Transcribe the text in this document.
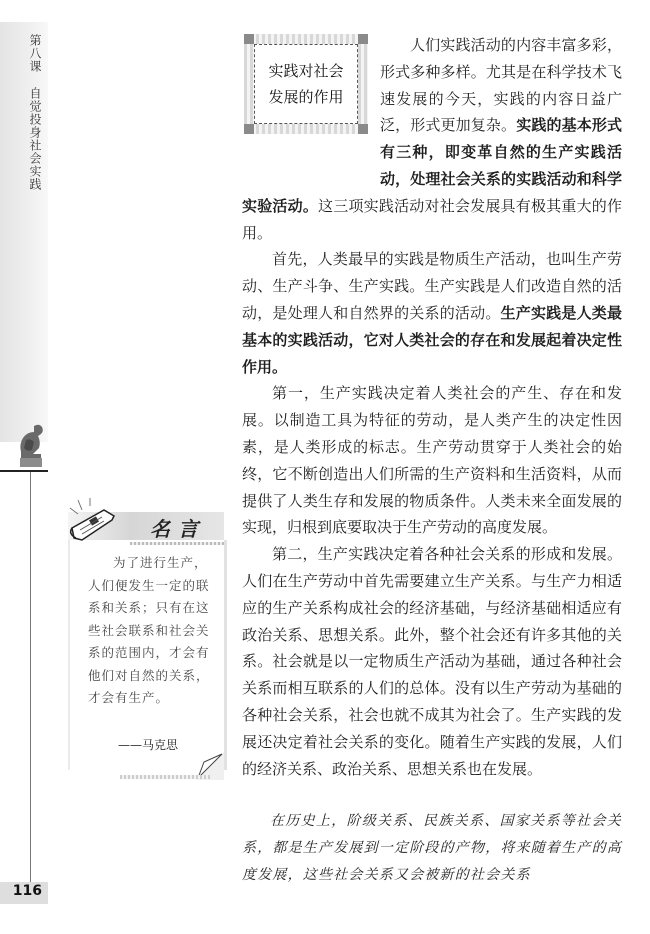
第八课自觉投身社会实践
116
实践对社会
发展的作用

人们实践活动的内容丰富多彩，形式多种多样。尤其是在科学技术飞速发展的今天，实践的内容日益广泛，形式更加复杂。实践的基本形式有三种，即变革自然的生产实践活动，处理社会关系的实践活动和科学实验活动。这三项实践活动对社会发展具有极其重大的作用。

首先，人类最早的实践是物质生产活动，也叫生产劳动、生产斗争、生产实践。生产实践是人们改造自然的活动，是处理人和自然界的关系的活动。生产实践是人类最基本的实践活动，它对人类社会的存在和发展起着决定性作用。

第一，生产实践决定着人类社会的产生、存在和发展。以制造工具为特征的劳动，是人类产生的决定性因素，是人类形成的标志。生产劳动贯穿于人类社会的始终，它不断创造出人们所需的生产资料和生活资料，从而提供了人类生存和发展的物质条件。人类未来全面发展的实现，归根到底要取决于生产劳动的高度发展。

第二，生产实践决定着各种社会关系的形成和发展。人们在生产劳动中首先需要建立生产关系。与生产力相适应的生产关系构成社会的经济基础，与经济基础相适应有政治关系、思想关系。此外，整个社会还有许多其他的关系。社会就是以一定物质生产活动为基础，通过各种社会关系而相互联系的人们的总体。没有以生产劳动为基础的各种社会关系，社会也就不成其为社会了。生产实践的发展还决定着社会关系的变化。随着生产实践的发展，人们的经济关系、政治关系、思想关系也在发展。

在历史上，阶级关系、民族关系、国家关系等社会关系，都是生产发展到一定阶段的产物，将来随着生产的高度发展，这些社会关系又会被新的社会关系
名言
为了进行生产，人们便发生一定的联系和关系；只有在这些社会联系和社会关系的范围内，才会有他们对自然的关系，才会有生产。
——马克思
